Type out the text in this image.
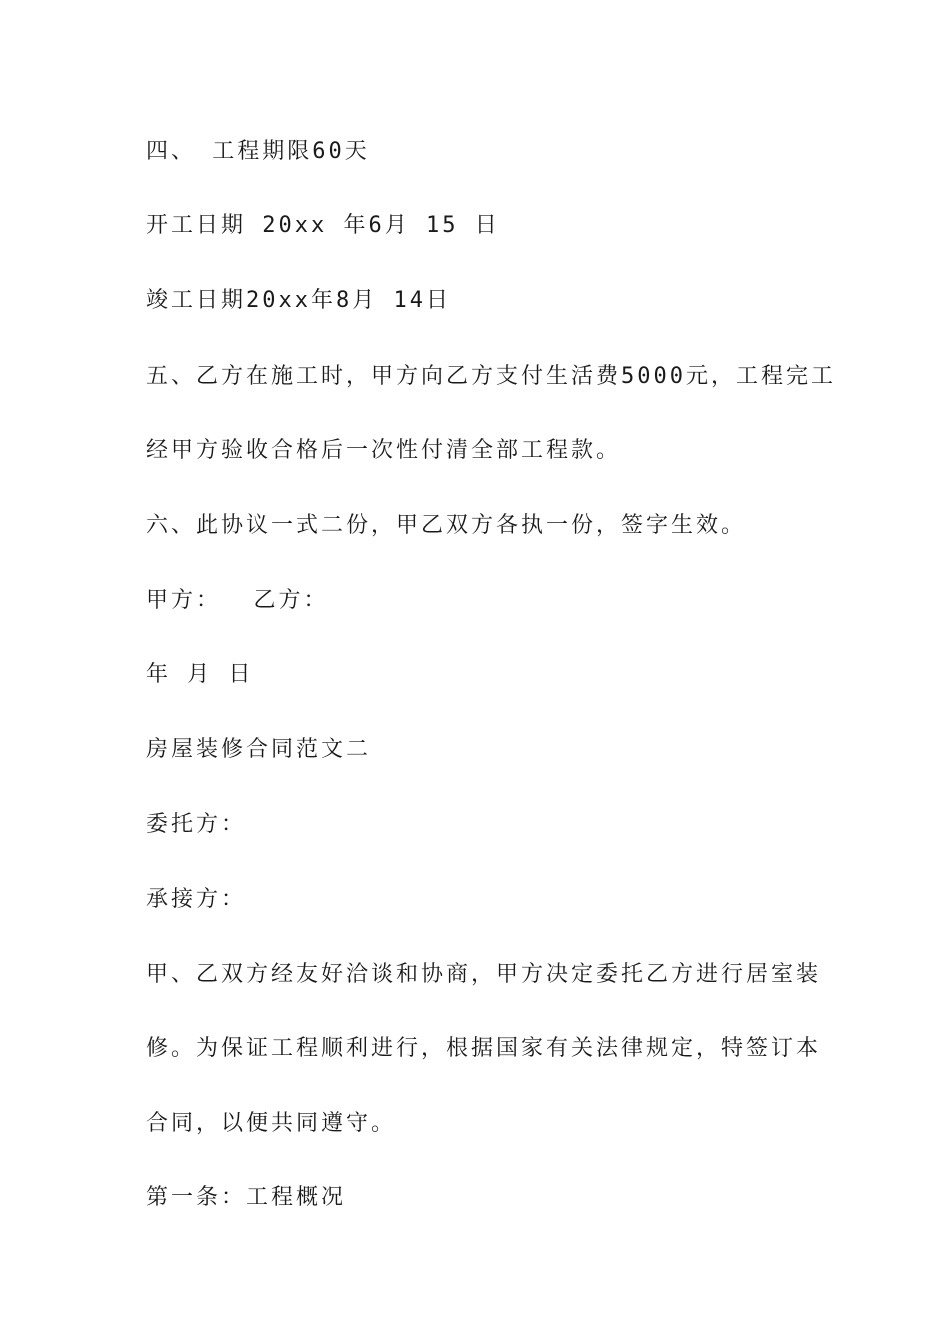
四、 工程期限60天
开工日期 20xx 年6月 15 日
竣工日期20xx年8月 14日
五、乙方在施工时，甲方向乙方支付生活费5000元，工程完工
经甲方验收合格后一次性付清全部工程款。
六、此协议一式二份，甲乙双方各执一份，签字生效。
甲方：  乙方：
年 月 日
房屋装修合同范文二
委托方：
承接方：
甲、乙双方经友好洽谈和协商，甲方决定委托乙方进行居室装
修。为保证工程顺利进行，根据国家有关法律规定，特签订本
合同，以便共同遵守。
第一条：工程概况
